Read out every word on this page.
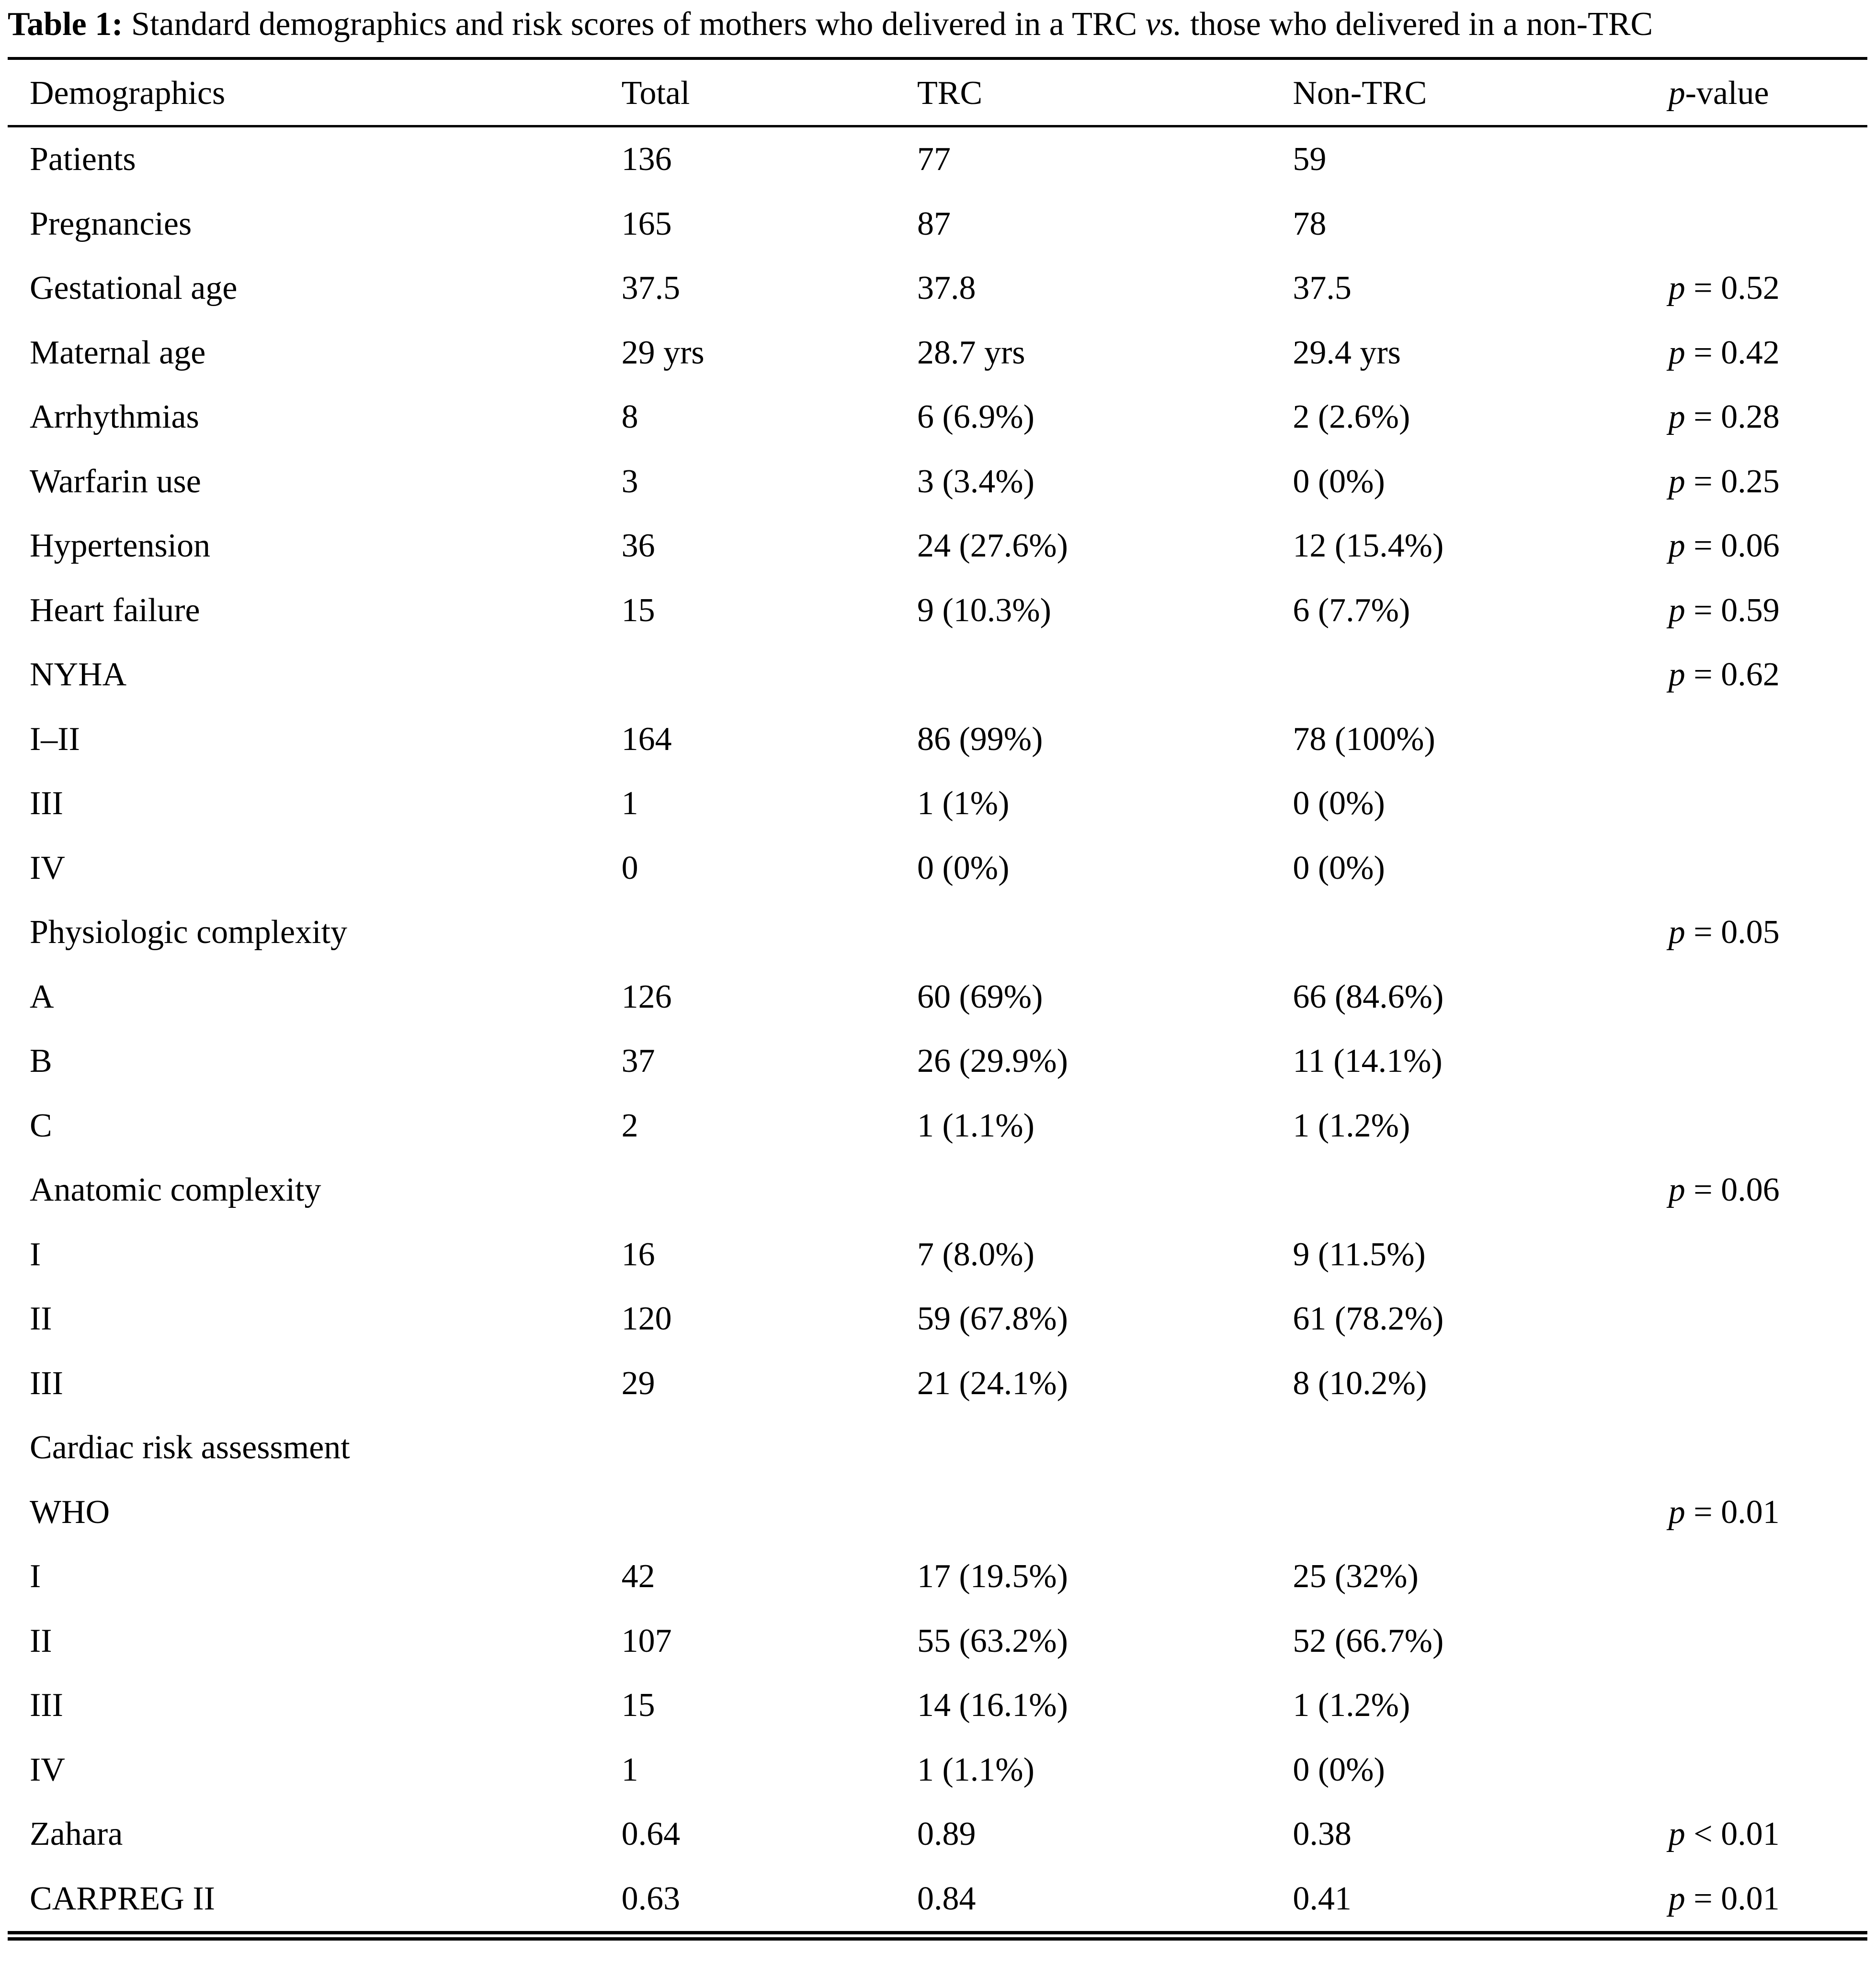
Table 1: Standard demographics and risk scores of mothers who delivered in a TRC vs. those who delivered in a non-TRC

Demographics	Total	TRC	Non-TRC	p-value
Patients	136	77	59	
Pregnancies	165	87	78	
Gestational age	37.5	37.8	37.5	p = 0.52
Maternal age	29 yrs	28.7 yrs	29.4 yrs	p = 0.42
Arrhythmias	8	6 (6.9%)	2 (2.6%)	p = 0.28
Warfarin use	3	3 (3.4%)	0 (0%)	p = 0.25
Hypertension	36	24 (27.6%)	12 (15.4%)	p = 0.06
Heart failure	15	9 (10.3%)	6 (7.7%)	p = 0.59
NYHA				p = 0.62
I–II	164	86 (99%)	78 (100%)	
III	1	1 (1%)	0 (0%)	
IV	0	0 (0%)	0 (0%)	
Physiologic complexity				p = 0.05
A	126	60 (69%)	66 (84.6%)	
B	37	26 (29.9%)	11 (14.1%)	
C	2	1 (1.1%)	1 (1.2%)	
Anatomic complexity				p = 0.06
I	16	7 (8.0%)	9 (11.5%)	
II	120	59 (67.8%)	61 (78.2%)	
III	29	21 (24.1%)	8 (10.2%)	
Cardiac risk assessment				
WHO				p = 0.01
I	42	17 (19.5%)	25 (32%)	
II	107	55 (63.2%)	52 (66.7%)	
III	15	14 (16.1%)	1 (1.2%)	
IV	1	1 (1.1%)	0 (0%)	
Zahara	0.64	0.89	0.38	p < 0.01
CARPREG II	0.63	0.84	0.41	p = 0.01
